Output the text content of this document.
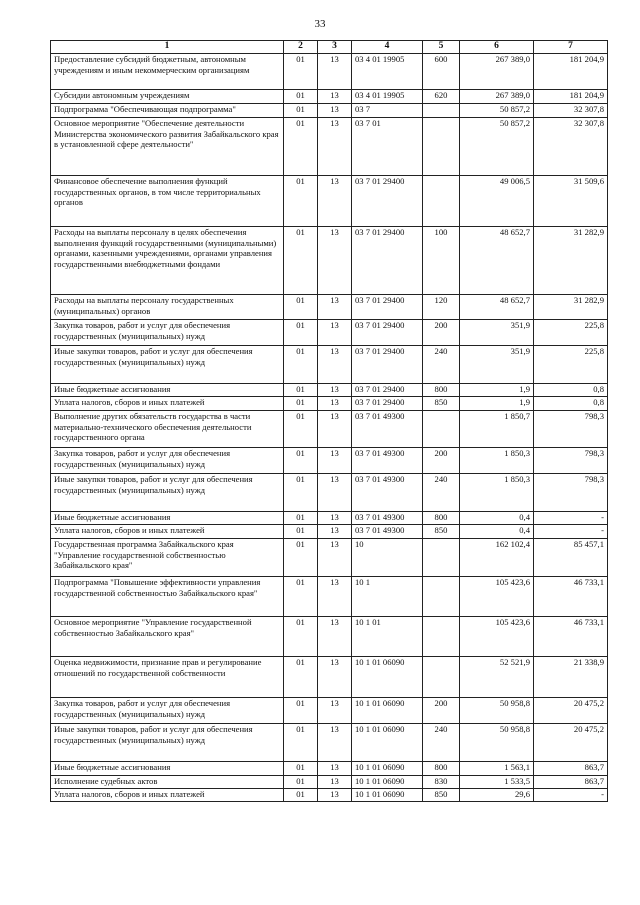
33
1	2	3	4	5	6	7
Предоставление субсидий бюджетным, автономным учреждениям и иным некоммерческим организациям	01	13	03 4 01 19905	600	267 389,0	181 204,9
Субсидии автономным учреждениям	01	13	03 4 01 19905	620	267 389,0	181 204,9
Подпрограмма "Обеспечивающая подпрограмма"	01	13	03 7		50 857,2	32 307,8
Основное мероприятие "Обеспечение деятельности Министерства экономического развития Забайкальского края в установленной сфере деятельности"	01	13	03 7 01		50 857,2	32 307,8
Финансовое обеспечение выполнения функций государственных органов, в том числе территориальных органов	01	13	03 7 01 29400		49 006,5	31 509,6
Расходы на выплаты персоналу в целях обеспечения выполнения функций государственными (муниципальными) органами, казенными учреждениями, органами управления государственными внебюджетными фондами	01	13	03 7 01 29400	100	48 652,7	31 282,9
Расходы на выплаты персоналу государственных (муниципальных) органов	01	13	03 7 01 29400	120	48 652,7	31 282,9
Закупка товаров, работ и услуг для обеспечения государственных (муниципальных) нужд	01	13	03 7 01 29400	200	351,9	225,8
Иные закупки товаров, работ и услуг для обеспечения государственных (муниципальных) нужд	01	13	03 7 01 29400	240	351,9	225,8
Иные бюджетные ассигнования	01	13	03 7 01 29400	800	1,9	0,8
Уплата налогов, сборов и иных платежей	01	13	03 7 01 29400	850	1,9	0,8
Выполнение других обязательств государства в части материально-технического обеспечения деятельности государственного органа	01	13	03 7 01 49300		1 850,7	798,3
Закупка товаров, работ и услуг для обеспечения государственных (муниципальных) нужд	01	13	03 7 01 49300	200	1 850,3	798,3
Иные закупки товаров, работ и услуг для обеспечения государственных (муниципальных) нужд	01	13	03 7 01 49300	240	1 850,3	798,3
Иные бюджетные ассигнования	01	13	03 7 01 49300	800	0,4	-
Уплата налогов, сборов и иных платежей	01	13	03 7 01 49300	850	0,4	-
Государственная программа Забайкальского края "Управление государственной собственностью Забайкальского края"	01	13	10		162 102,4	85 457,1
Подпрограмма "Повышение эффективности управления государственной собственностью Забайкальского края"	01	13	10 1		105 423,6	46 733,1
Основное мероприятие "Управление государственной собственностью Забайкальского края"	01	13	10 1 01		105 423,6	46 733,1
Оценка недвижимости, признание прав и регулирование отношений по государственной собственности	01	13	10 1 01 06090		52 521,9	21 338,9
Закупка товаров, работ и услуг для обеспечения государственных (муниципальных) нужд	01	13	10 1 01 06090	200	50 958,8	20 475,2
Иные закупки товаров, работ и услуг для обеспечения государственных (муниципальных) нужд	01	13	10 1 01 06090	240	50 958,8	20 475,2
Иные бюджетные ассигнования	01	13	10 1 01 06090	800	1 563,1	863,7
Исполнение судебных актов	01	13	10 1 01 06090	830	1 533,5	863,7
Уплата налогов, сборов и иных платежей	01	13	10 1 01 06090	850	29,6	-
